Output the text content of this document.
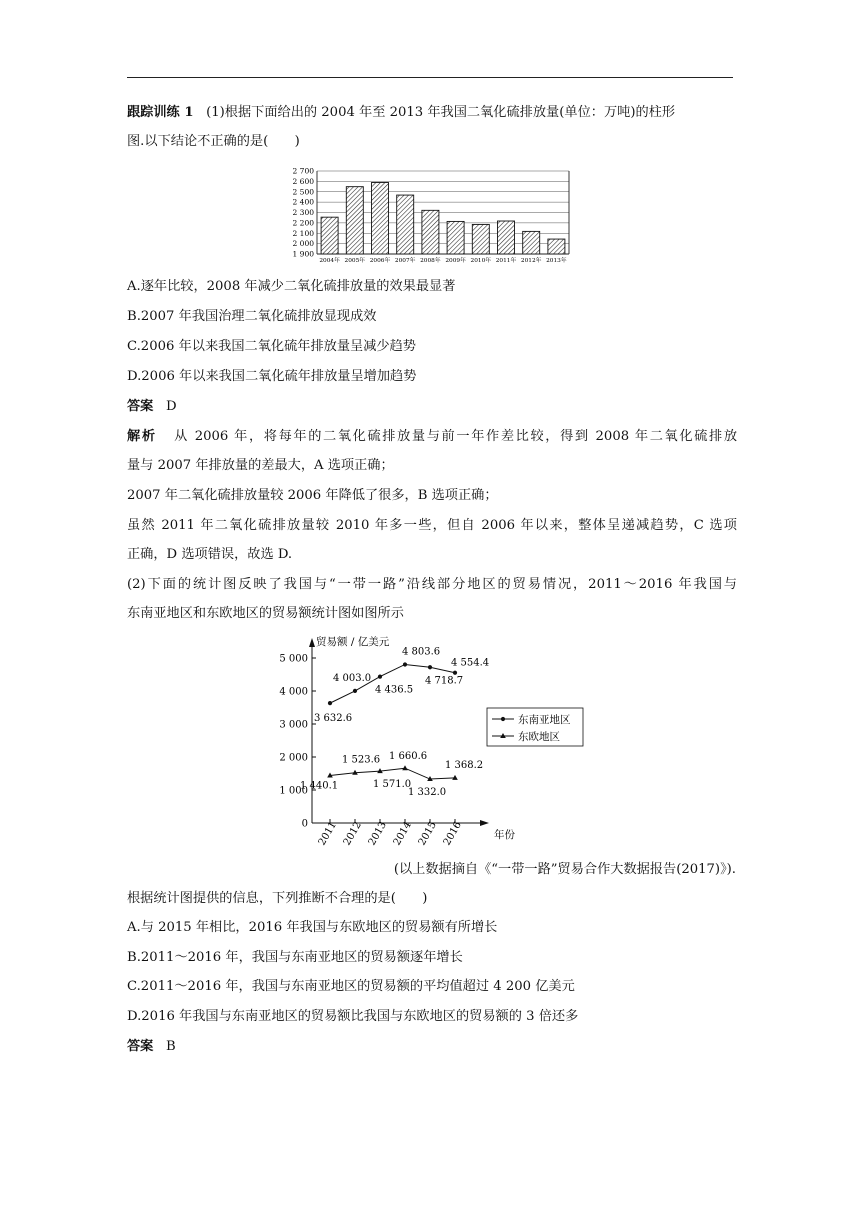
跟踪训练 1 (1)根据下面给出的 2004 年至 2013 年我国二氧化硫排放量(单位：万吨)的柱形
图.以下结论不正确的是(　　)
1 900
2 000
2 100
2 200
2 300
2 400
2 500
2 600
2 700
2004年 2005年 2006年 2007年 2008年 2009年 2010年 2011年 2012年 2013年
A.逐年比较，2008 年减少二氧化硫排放量的效果最显著
B.2007 年我国治理二氧化硫排放显现成效
C.2006 年以来我国二氧化硫年排放量呈减少趋势
D.2006 年以来我国二氧化硫年排放量呈增加趋势
答案 D
解析 从 2006 年，将每年的二氧化硫排放量与前一年作差比较，得到 2008 年二氧化硫排放
量与 2007 年排放量的差最大，A 选项正确；
2007 年二氧化硫排放量较 2006 年降低了很多，B 选项正确；
虽然 2011 年二氧化硫排放量较 2010 年多一些，但自 2006 年以来，整体呈递减趋势，C 选项
正确，D 选项错误，故选 D.
(2)下面的统计图反映了我国与“一带一路”沿线部分地区的贸易情况，2011～2016 年我国与
东南亚地区和东欧地区的贸易额统计图如图所示
贸易额 / 亿美元
年份
0
1 000
2 000
3 000
4 000
5 000
2011 2012 2013 2014 2015 2016
3 632.6
4 003.0
4 436.5
4 803.6
4 718.7
4 554.4
1 440.1
1 523.6
1 571.0
1 660.6
1 332.0
1 368.2
东南亚地区
东欧地区
(以上数据摘自《“一带一路”贸易合作大数据报告(2017)》).
根据统计图提供的信息，下列推断不合理的是(　　)
A.与 2015 年相比，2016 年我国与东欧地区的贸易额有所增长
B.2011～2016 年，我国与东南亚地区的贸易额逐年增长
C.2011～2016 年，我国与东南亚地区的贸易额的平均值超过 4 200 亿美元
D.2016 年我国与东南亚地区的贸易额比我国与东欧地区的贸易额的 3 倍还多
答案 B
